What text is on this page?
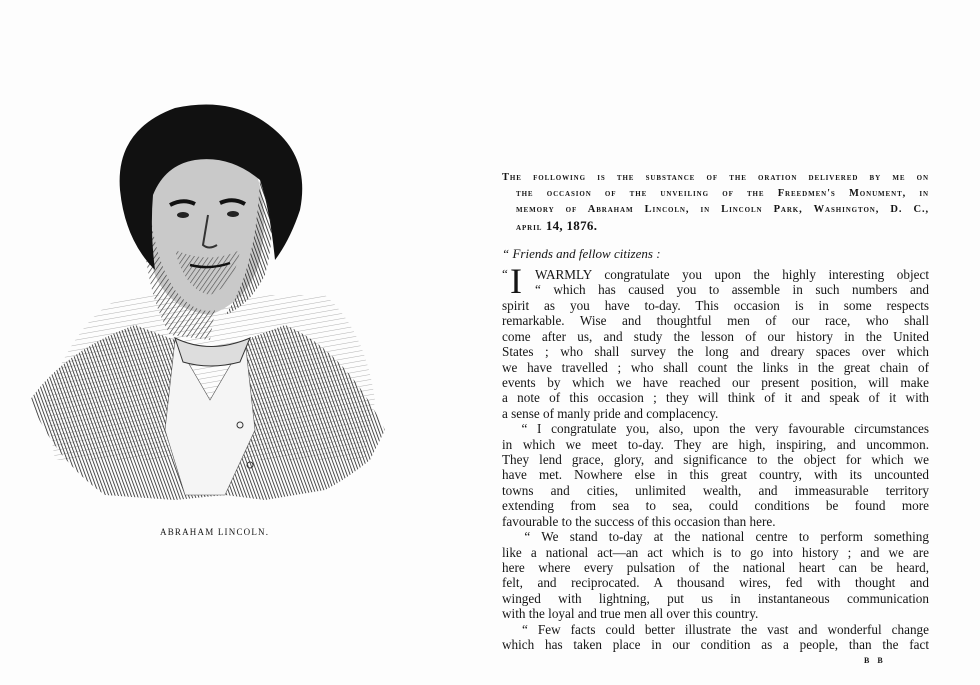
ABRAHAM LINCOLN.
The following is the substance of the oration delivered by me on
the occasion of the unveiling of the Freedmen's Monument, in
memory of Abraham Lincoln, in Lincoln Park, Washington, D. C.,
april 14, 1876.
“ Friends and fellow citizens :
“ I WARMLY congratulate you upon the highly interesting object
“ which has caused you to assemble in such numbers and
spirit as you have to-day. This occasion is in some respects
remarkable. Wise and thoughtful men of our race, who shall
come after us, and study the lesson of our history in the United
States ; who shall survey the long and dreary spaces over which
we have travelled ; who shall count the links in the great chain of
events by which we have reached our present position, will make
a note of this occasion ; they will think of it and speak of it with
a sense of manly pride and complacency.
“ I congratulate you, also, upon the very favourable circumstances
in which we meet to-day. They are high, inspiring, and uncommon.
They lend grace, glory, and significance to the object for which we
have met. Nowhere else in this great country, with its uncounted
towns and cities, unlimited wealth, and immeasurable territory
extending from sea to sea, could conditions be found more
favourable to the success of this occasion than here.
“ We stand to-day at the national centre to perform something
like a national act—an act which is to go into history ; and we are
here where every pulsation of the national heart can be heard,
felt, and reciprocated. A thousand wires, fed with thought and
winged with lightning, put us in instantaneous communication
with the loyal and true men all over this country.
“ Few facts could better illustrate the vast and wonderful change
which has taken place in our condition as a people, than the fact
B B
